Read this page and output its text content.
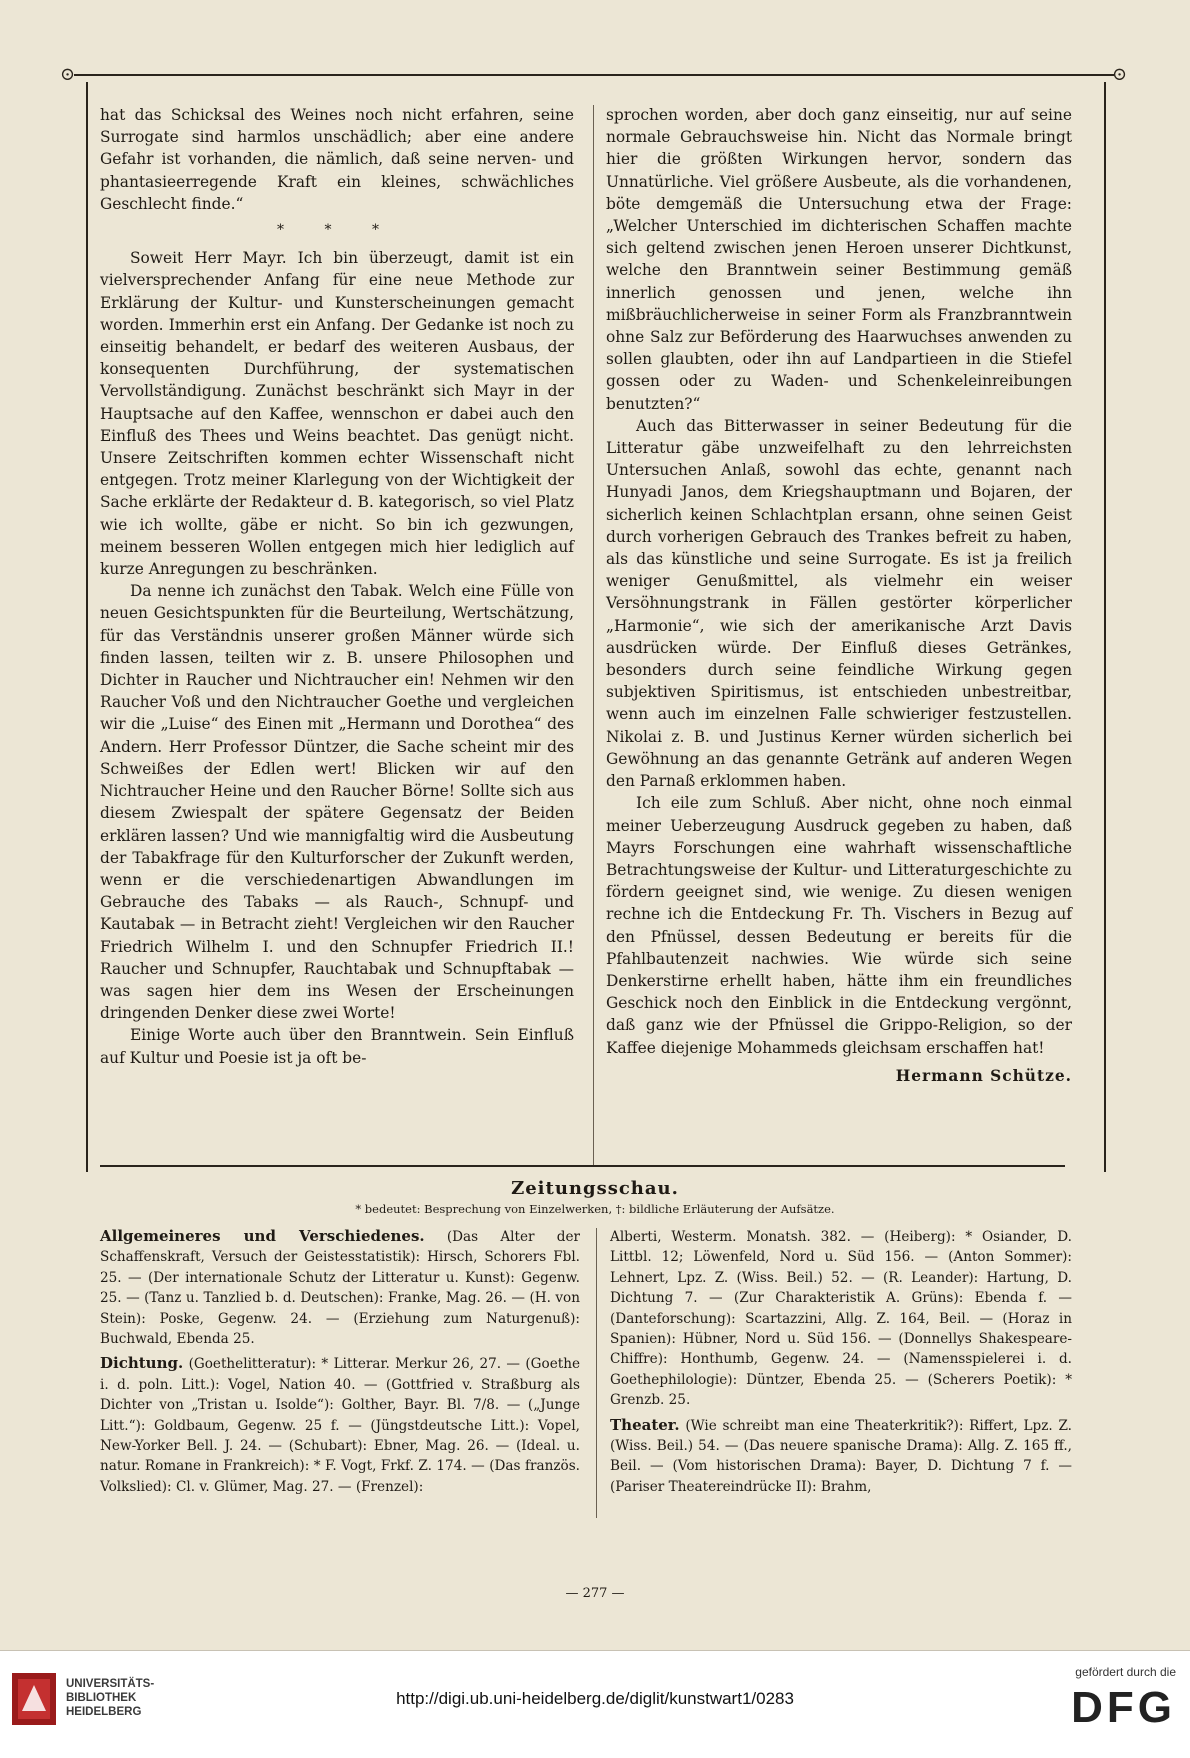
⊙	⊙

hat das Schicksal des Weines noch nicht erfahren, seine Surrogate sind harmlos unschädlich; aber eine andere Gefahr ist vorhanden, die nämlich, daß seine nerven- und phantasieerregende Kraft ein kleines, schwächliches Geschlecht finde.“

* * *

Soweit Herr Mayr. Ich bin überzeugt, damit ist ein vielversprechender Anfang für eine neue Methode zur Erklärung der Kultur- und Kunsterscheinungen gemacht worden. Immerhin erst ein Anfang. Der Gedanke ist noch zu einseitig behandelt, er bedarf des weiteren Ausbaus, der konsequenten Durchführung, der systematischen Vervollständigung. Zunächst beschränkt sich Mayr in der Hauptsache auf den Kaffee, wennschon er dabei auch den Einfluß des Thees und Weins beachtet. Das genügt nicht. Unsere Zeitschriften kommen echter Wissenschaft nicht entgegen. Trotz meiner Klarlegung von der Wichtigkeit der Sache erklärte der Redakteur d. B. kategorisch, so viel Platz wie ich wollte, gäbe er nicht. So bin ich gezwungen, meinem besseren Wollen entgegen mich hier lediglich auf kurze Anregungen zu beschränken.

Da nenne ich zunächst den Tabak. Welch eine Fülle von neuen Gesichtspunkten für die Beurteilung, Wertschätzung, für das Verständnis unserer großen Männer würde sich finden lassen, teilten wir z. B. unsere Philosophen und Dichter in Raucher und Nichtraucher ein! Nehmen wir den Raucher Voß und den Nichtraucher Goethe und vergleichen wir die „Luise“ des Einen mit „Hermann und Dorothea“ des Andern. Herr Professor Düntzer, die Sache scheint mir des Schweißes der Edlen wert! Blicken wir auf den Nichtraucher Heine und den Raucher Börne! Sollte sich aus diesem Zwiespalt der spätere Gegensatz der Beiden erklären lassen? Und wie mannigfaltig wird die Ausbeutung der Tabakfrage für den Kulturforscher der Zukunft werden, wenn er die verschiedenartigen Abwandlungen im Gebrauche des Tabaks — als Rauch-, Schnupf- und Kautabak — in Betracht zieht! Vergleichen wir den Raucher Friedrich Wilhelm I. und den Schnupfer Friedrich II.! Raucher und Schnupfer, Rauchtabak und Schnupftabak — was sagen hier dem ins Wesen der Erscheinungen dringenden Denker diese zwei Worte!

Einige Worte auch über den Branntwein. Sein Einfluß auf Kultur und Poesie ist ja oft be-

sprochen worden, aber doch ganz einseitig, nur auf seine normale Gebrauchsweise hin. Nicht das Normale bringt hier die größten Wirkungen hervor, sondern das Unnatürliche. Viel größere Ausbeute, als die vorhandenen, böte demgemäß die Untersuchung etwa der Frage: „Welcher Unterschied im dichterischen Schaffen machte sich geltend zwischen jenen Heroen unserer Dichtkunst, welche den Branntwein seiner Bestimmung gemäß innerlich genossen und jenen, welche ihn mißbräuchlicherweise in seiner Form als Franzbranntwein ohne Salz zur Beförderung des Haarwuchses anwenden zu sollen glaubten, oder ihn auf Landpartieen in die Stiefel gossen oder zu Waden- und Schenkeleinreibungen benutzten?“

Auch das Bitterwasser in seiner Bedeutung für die Litteratur gäbe unzweifelhaft zu den lehrreichsten Untersuchen Anlaß, sowohl das echte, genannt nach Hunyadi Janos, dem Kriegshauptmann und Bojaren, der sicherlich keinen Schlachtplan ersann, ohne seinen Geist durch vorherigen Gebrauch des Trankes befreit zu haben, als das künstliche und seine Surrogate. Es ist ja freilich weniger Genußmittel, als vielmehr ein weiser Versöhnungstrank in Fällen gestörter körperlicher „Harmonie“, wie sich der amerikanische Arzt Davis ausdrücken würde. Der Einfluß dieses Getränkes, besonders durch seine feindliche Wirkung gegen subjektiven Spiritismus, ist entschieden unbestreitbar, wenn auch im einzelnen Falle schwieriger festzustellen. Nikolai z. B. und Justinus Kerner würden sicherlich bei Gewöhnung an das genannte Getränk auf anderen Wegen den Parnaß erklommen haben.

Ich eile zum Schluß. Aber nicht, ohne noch einmal meiner Ueberzeugung Ausdruck gegeben zu haben, daß Mayrs Forschungen eine wahrhaft wissenschaftliche Betrachtungsweise der Kultur- und Litteraturgeschichte zu fördern geeignet sind, wie wenige. Zu diesen wenigen rechne ich die Entdeckung Fr. Th. Vischers in Bezug auf den Pfnüssel, dessen Bedeutung er bereits für die Pfahlbautenzeit nachwies. Wie würde sich seine Denkerstirne erhellt haben, hätte ihm ein freundliches Geschick noch den Einblick in die Entdeckung vergönnt, daß ganz wie der Pfnüssel die Grippo-Religion, so der Kaffee diejenige Mohammeds gleichsam erschaffen hat!

Hermann Schütze.
Zeitungsschau.
* bedeutet: Besprechung von Einzelwerken, †: bildliche Erläuterung der Aufsätze.

Allgemeineres und Verschiedenes. (Das Alter der Schaffenskraft, Versuch der Geistesstatistik): Hirsch, Schorers Fbl. 25. — (Der internationale Schutz der Litteratur u. Kunst): Gegenw. 25. — (Tanz u. Tanzlied b. d. Deutschen): Franke, Mag. 26. — (H. von Stein): Poske, Gegenw. 24. — (Erziehung zum Naturgenuß): Buchwald, Ebenda 25.

Dichtung. (Goethelitteratur): * Litterar. Merkur 26, 27. — (Goethe i. d. poln. Litt.): Vogel, Nation 40. — (Gottfried v. Straßburg als Dichter von „Tristan u. Isolde“): Golther, Bayr. Bl. 7/8. — („Junge Litt.“): Goldbaum, Gegenw. 25 f. — (Jüngstdeutsche Litt.): Vopel, New-Yorker Bell. J. 24. — (Schubart): Ebner, Mag. 26. — (Ideal. u. natur. Romane in Frankreich): * F. Vogt, Frkf. Z. 174. — (Das französ. Volkslied): Cl. v. Glümer, Mag. 27. — (Frenzel):

Alberti, Westerm. Monatsh. 382. — (Heiberg): * Osiander, D. Littbl. 12; Löwenfeld, Nord u. Süd 156. — (Anton Sommer): Lehnert, Lpz. Z. (Wiss. Beil.) 52. — (R. Leander): Hartung, D. Dichtung 7. — (Zur Charakteristik A. Grüns): Ebenda f. — (Danteforschung): Scartazzini, Allg. Z. 164, Beil. — (Horaz in Spanien): Hübner, Nord u. Süd 156. — (Donnellys Shakespeare-Chiffre): Honthumb, Gegenw. 24. — (Namensspielerei i. d. Goethephilologie): Düntzer, Ebenda 25. — (Scherers Poetik): * Grenzb. 25.

Theater. (Wie schreibt man eine Theaterkritik?): Riffert, Lpz. Z. (Wiss. Beil.) 54. — (Das neuere spanische Drama): Allg. Z. 165 ff., Beil. — (Vom historischen Drama): Bayer, D. Dichtung 7 f. — (Pariser Theatereindrücke II): Brahm,

— 277 —
UNIVERSITÄTS-
BIBLIOTHEK
HEIDELBERG
http://digi.ub.uni-heidelberg.de/diglit/kunstwart1/0283
gefördert durch die
DFG
